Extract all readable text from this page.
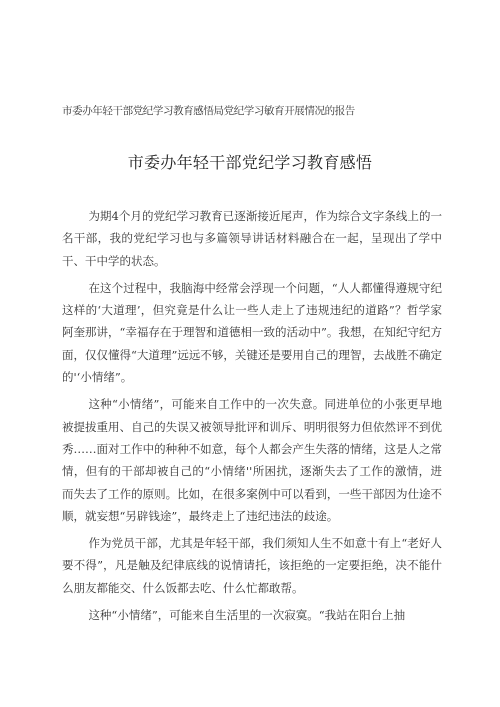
市委办年轻干部党纪学习教育感悟局党纪学习敏育开展情况的报告
市委办年轻干部党纪学习教育感悟

为期4个月的党纪学习教育已逐渐接近尾声，作为综合文字条线上的一名干部，我的党纪学习也与多篇领导讲话材料融合在一起，呈现出了学中干、干中学的状态。

在这个过程中，我脑海中经常会浮现一个问题，“人人都懂得遵规守纪这样的‘大道理’，但究竟是什么让一些人走上了违规违纪的道路”？哲学家阿奎那讲，“幸福存在于理智和道德相一致的活动中”。我想，在知纪守纪方面，仅仅懂得“大道理”远远不够，关键还是要用自己的理智，去战胜不确定的'‘小情绪”。

这种“小情绪”，可能来自工作中的一次失意。同进单位的小张更早地被提拔重用、自己的失误又被领导批评和训斥、明明很努力但依然评不到优秀……面对工作中的种种不如意，每个人都会产生失落的情绪，这是人之常情，但有的干部却被自己的“小情绪''所困扰，逐渐失去了工作的激情，进而失去了工作的原则。比如，在很多案例中可以看到，一些干部因为仕途不顺，就妄想“另辟钱途”，最终走上了违纪违法的歧途。

作为党员干部，尤其是年轻干部，我们须知人生不如意十有上“老好人要不得”，凡是触及纪律底线的说情请托，该拒绝的一定要拒绝，决不能什么朋友都能交、什么饭都去吃、什么忙都敢帮。

这种“小情绪”，可能来自生活里的一次寂寞。“我站在阳台上抽
